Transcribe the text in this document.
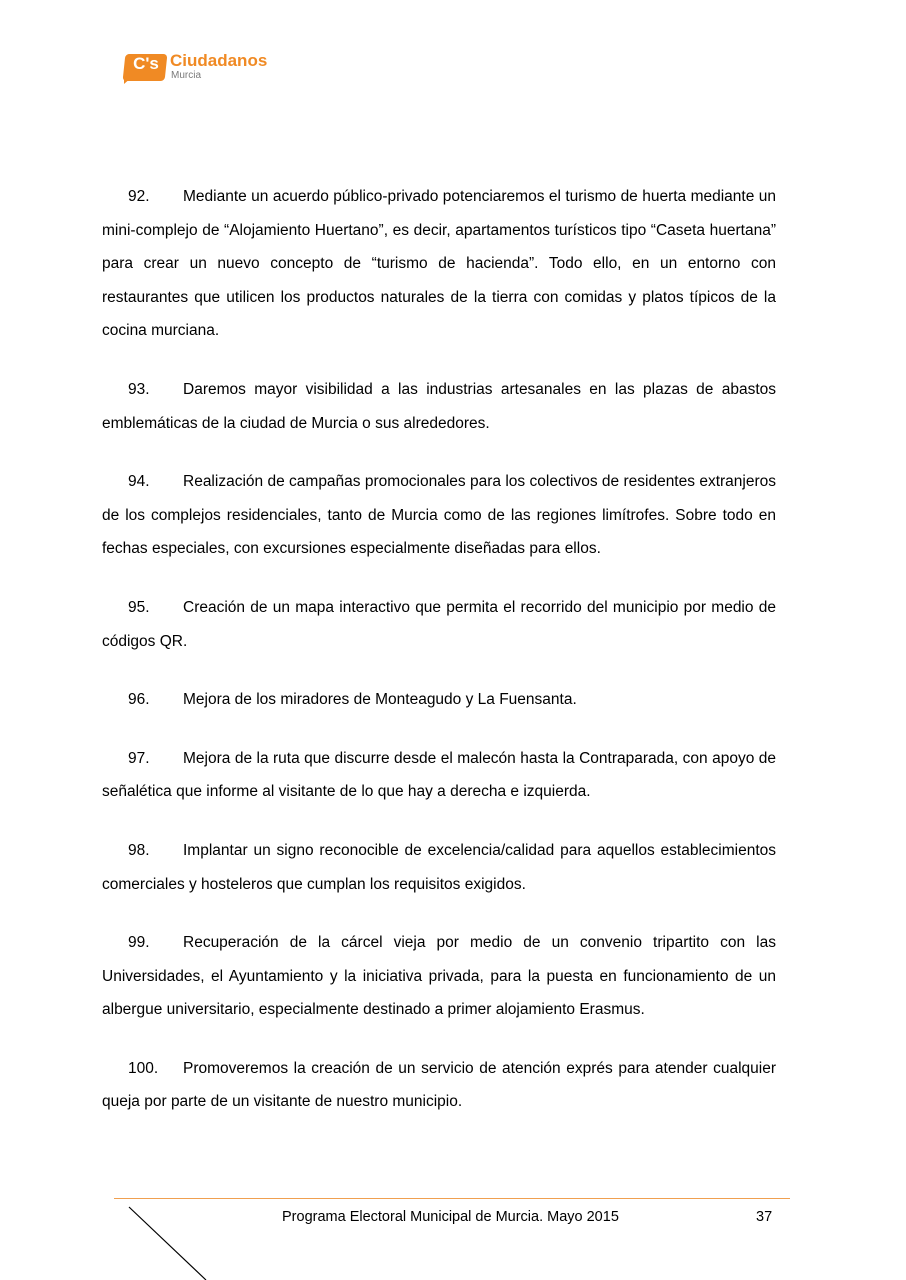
C's Ciudadanos
Murcia

92. Mediante un acuerdo público-privado potenciaremos el turismo de huerta mediante un mini-complejo de “Alojamiento Huertano”, es decir, apartamentos turísticos tipo “Caseta huertana” para crear un nuevo concepto de “turismo de hacienda”. Todo ello, en un entorno con restaurantes que utilicen los productos naturales de la tierra con comidas y platos típicos de la cocina murciana.

93. Daremos mayor visibilidad a las industrias artesanales en las plazas de abastos emblemáticas de la ciudad de Murcia o sus alrededores.

94. Realización de campañas promocionales para los colectivos de residentes extranjeros de los complejos residenciales, tanto de Murcia como de las regiones limítrofes. Sobre todo en fechas especiales, con excursiones especialmente diseñadas para ellos.

95. Creación de un mapa interactivo que permita el recorrido del municipio por medio de códigos QR.

96. Mejora de los miradores de Monteagudo y La Fuensanta.

97. Mejora de la ruta que discurre desde el malecón hasta la Contraparada, con apoyo de señalética que informe al visitante de lo que hay a derecha e izquierda.

98. Implantar un signo reconocible de excelencia/calidad para aquellos establecimientos comerciales y hosteleros que cumplan los requisitos exigidos.

99. Recuperación de la cárcel vieja por medio de un convenio tripartito con las Universidades, el Ayuntamiento y la iniciativa privada, para la puesta en funcionamiento de un albergue universitario, especialmente destinado a primer alojamiento Erasmus.

100. Promoveremos la creación de un servicio de atención exprés para atender cualquier queja por parte de un visitante de nuestro municipio.

Programa Electoral Municipal de Murcia. Mayo 2015	37
